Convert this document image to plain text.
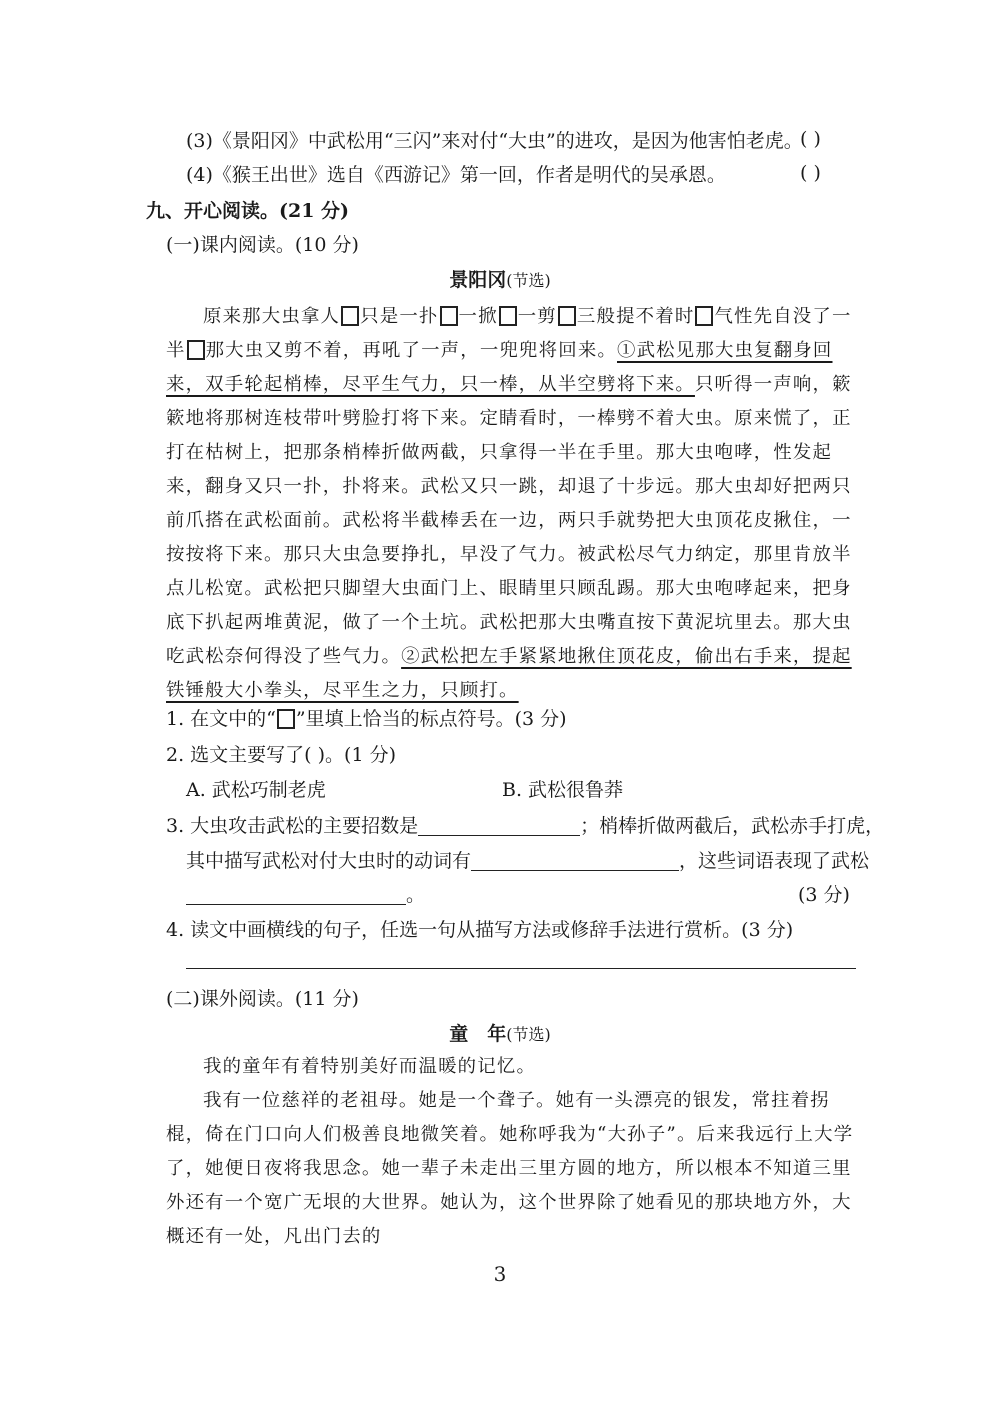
(3)《景阳冈》中武松用“三闪”来对付“大虫”的进攻，是因为他害怕老虎。
( )
(4)《猴王出世》选自《西游记》第一回，作者是明代的吴承恩。	( )
九、开心阅读。(21 分)
(一)课内阅读。(10 分)
景阳冈(节选)

原来那大虫拿人 只是一扑 一掀 一剪 三般提不着时 气性先自没了一半 那大虫又剪不着，再吼了一声，一兜兜将回来。①武松见那大虫复翻身回来，双手轮起梢棒，尽平生气力，只一棒，从半空劈将下来。只听得一声响，簌簌地将那树连枝带叶劈脸打将下来。定睛看时，一棒劈不着大虫。原来慌了，正打在枯树上，把那条梢棒折做两截，只拿得一半在手里。那大虫咆哮，性发起来，翻身又只一扑，扑将来。武松又只一跳，却退了十步远。那大虫却好把两只前爪搭在武松面前。武松将半截棒丢在一边，两只手就势把大虫顶花皮揪住，一按按将下来。那只大虫急要挣扎，早没了气力。被武松尽气力纳定，那里肯放半点儿松宽。武松把只脚望大虫面门上、眼睛里只顾乱踢。那大虫咆哮起来，把身底下扒起两堆黄泥，做了一个土坑。武松把那大虫嘴直按下黄泥坑里去。那大虫吃武松奈何得没了些气力。②武松把左手紧紧地揪住顶花皮，偷出右手来，提起铁锤般大小拳头，尽平生之力，只顾打。

1. 在文中的“ ”里填上恰当的标点符号。(3 分)
2. 选文主要写了( )。(1 分)
A. 武松巧制老虎	B. 武松很鲁莽
3. 大虫攻击武松的主要招数是	；梢棒折做两截后，武松赤手打虎，
其中描写武松对付大虫时的动词有	，这些词语表现了武松
。	(3 分)
4. 读文中画横线的句子，任选一句从描写方法或修辞手法进行赏析。(3 分)
(二)课外阅读。(11 分)
童　年(节选)

我的童年有着特别美好而温暖的记忆。

我有一位慈祥的老祖母。她是一个聋子。她有一头漂亮的银发，常拄着拐棍，倚在门口向人们极善良地微笑着。她称呼我为“大孙子”。后来我远行上大学了，她便日夜将我思念。她一辈子未走出三里方圆的地方，所以根本不知道三里外还有一个宽广无垠的大世界。她认为，这个世界除了她看见的那块地方外，大概还有一处，凡出门去的

3
